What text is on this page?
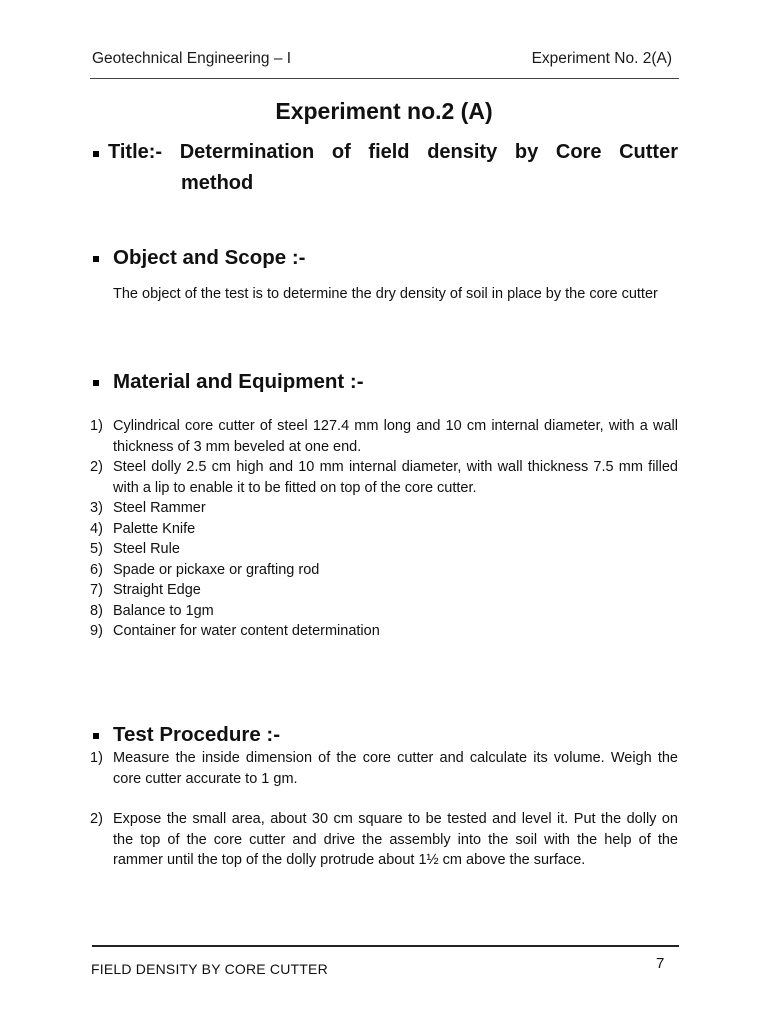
Geotechnical Engineering – I	Experiment No. 2(A)
Experiment no.2 (A)
Title:- Determination of field density by Core Cutter
method
Object and Scope :-
The object of the test is to determine the dry density of soil in place by the core cutter
Material and Equipment :-
1) Cylindrical core cutter of steel 127.4 mm long and 10 cm internal diameter, with a wall thickness of 3 mm beveled at one end.
2) Steel dolly 2.5 cm high and 10 mm internal diameter, with wall thickness 7.5 mm filled with a lip to enable it to be fitted on top of the core cutter.
3) Steel Rammer
4) Palette Knife
5) Steel Rule
6) Spade or pickaxe or grafting rod
7) Straight Edge
8) Balance to 1gm
9) Container for water content determination
Test Procedure :-
1) Measure the inside dimension of the core cutter and calculate its volume. Weigh the core cutter accurate to 1 gm.
2) Expose the small area, about 30 cm square to be tested and level it. Put the dolly on the top of the core cutter and drive the assembly into the soil with the help of the rammer until the top of the dolly protrude about 1½ cm above the surface.
FIELD DENSITY BY CORE CUTTER	7
